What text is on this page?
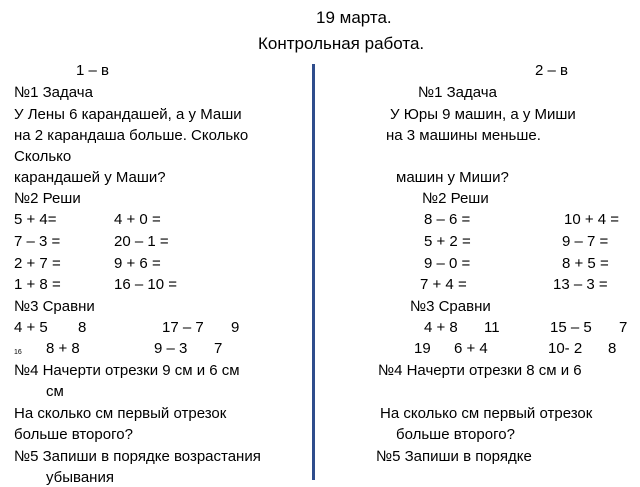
19 марта.
Контрольная работа.
1 – в
№1 Задача
У Лены 6 карандашей, а у Маши
на 2 карандаша больше. Сколько
Сколько
карандашей у Маши?
№2 Реши
5 + 4=	4 + 0 =
7 – 3 =	20 – 1 =
2 + 7 =	9 + 6 =
1 + 8 =	16 – 10 =
№3 Сравни
4 + 5 8	17 – 7 9
16 8 + 8	9 – 3 7
№4 Начерти отрезки 9 см и 6 см
см
На сколько см первый отрезок
больше второго?
№5 Запиши в порядке возрастания
убывания
2 – в
№1 Задача
У Юры 9 машин, а у Миши
на 3 машины меньше.
машин у Миши?
№2 Реши
8 – 6 =	10 + 4 =
5 + 2 =	9 – 7 =
9 – 0 =	8 + 5 =
7 + 4 =	13 – 3 =
№3 Сравни
4 + 8 11	15 – 5 7
19 6 + 4	10- 2 8
№4 Начерти отрезки 8 см и 6
На сколько см первый отрезок
больше второго?
№5 Запиши в порядке
